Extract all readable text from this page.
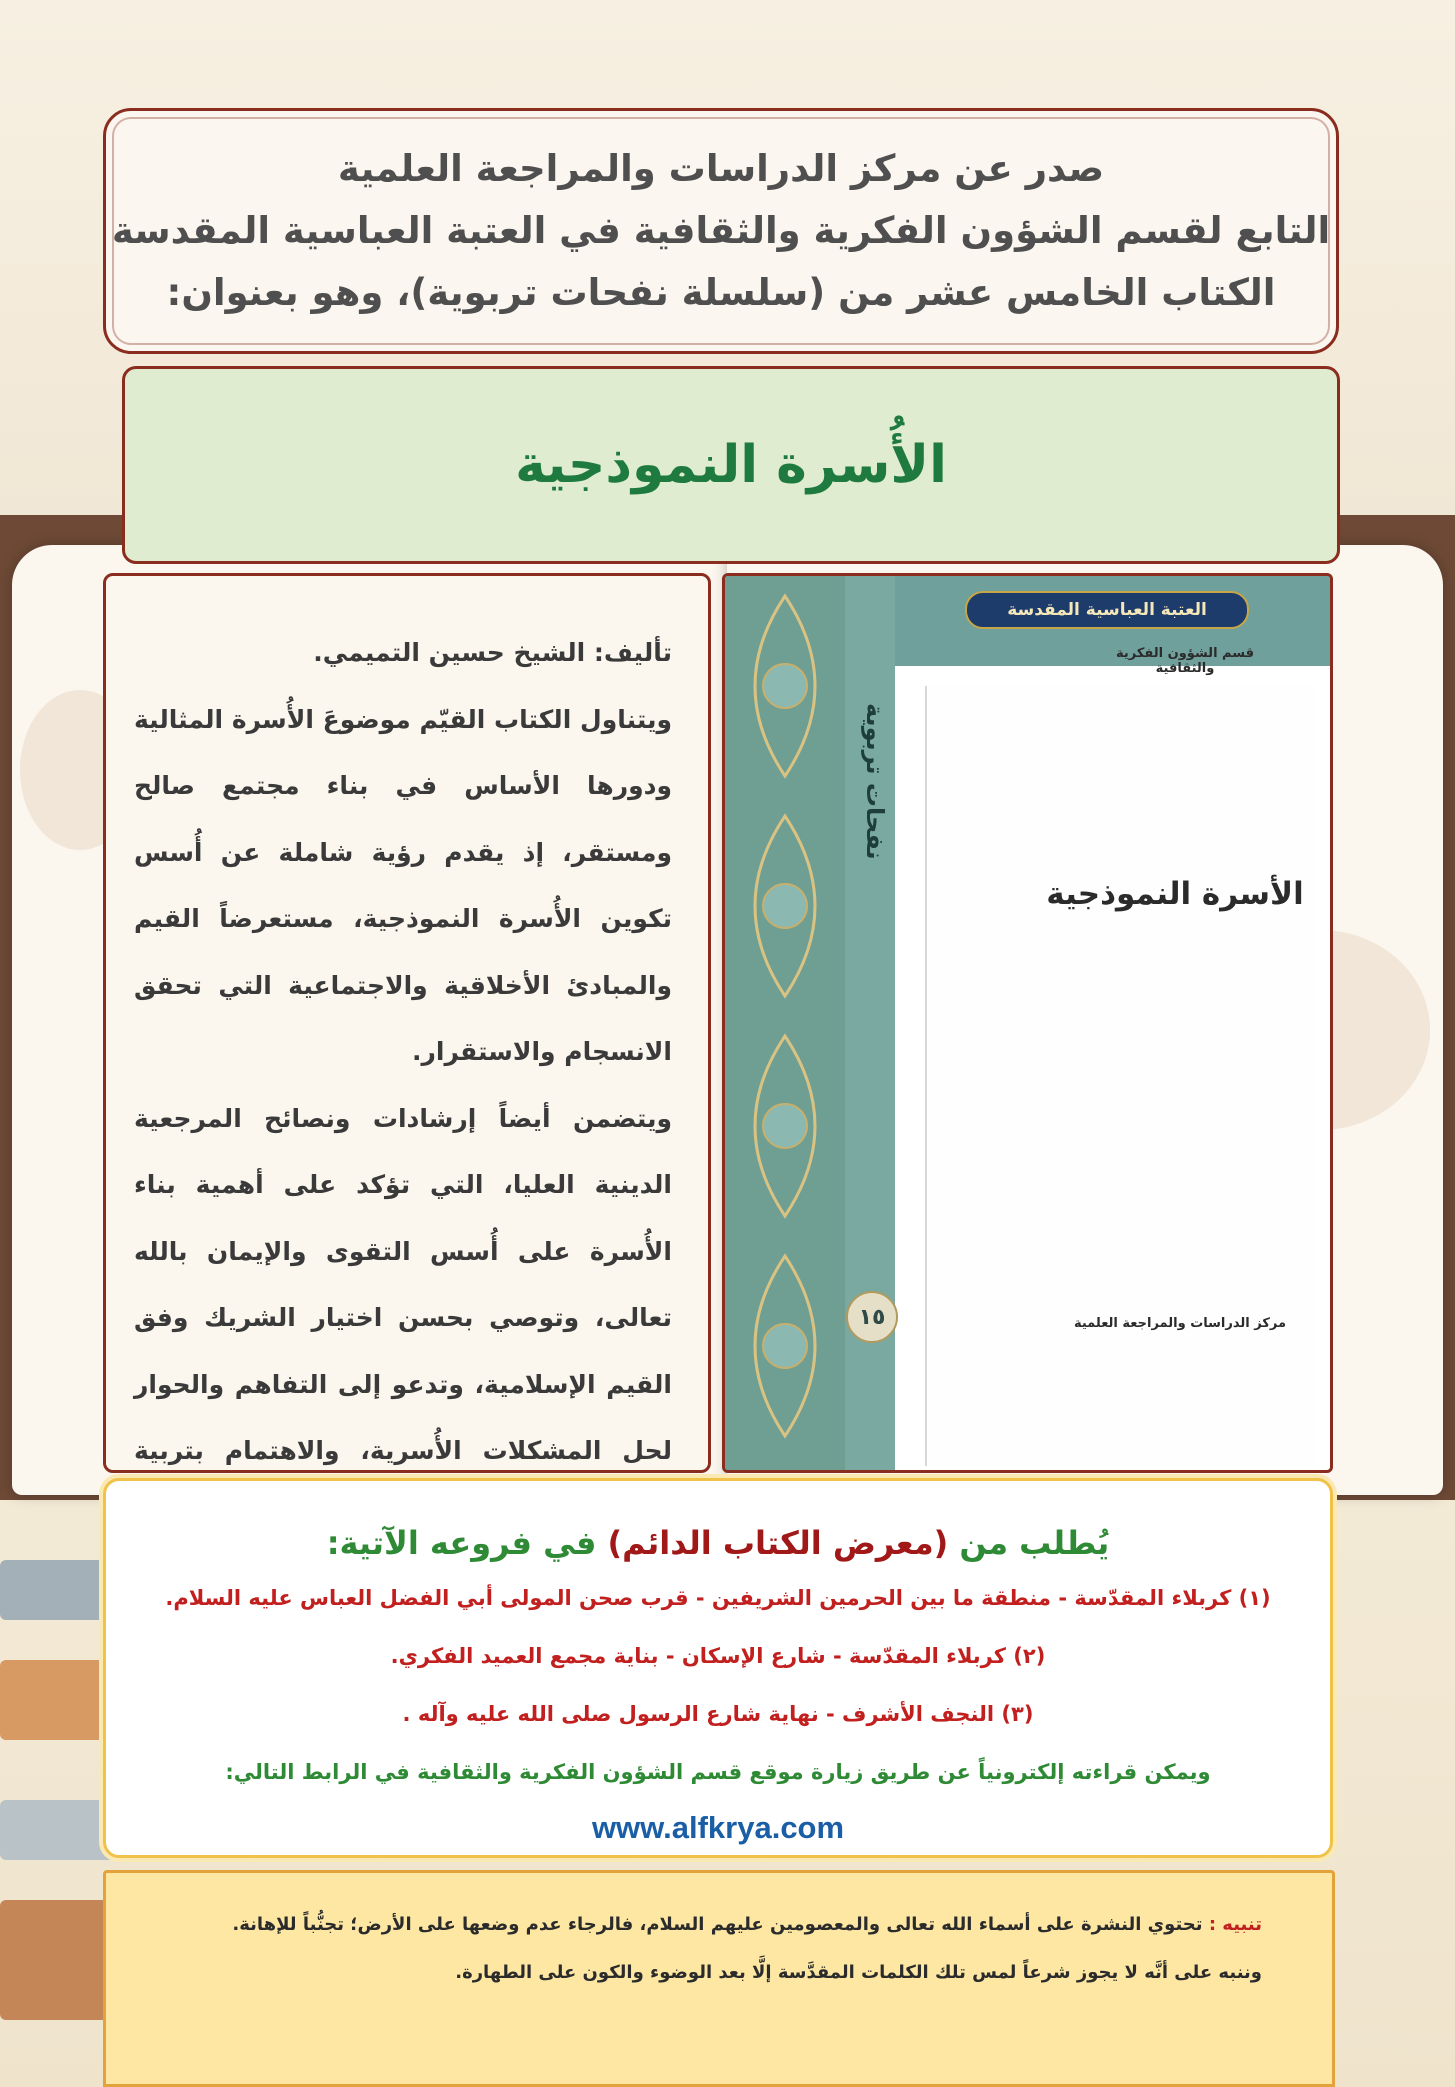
صدر عن مركز الدراسات والمراجعة العلمية
التابع لقسم الشؤون الفكرية والثقافية في العتبة العباسية المقدسة
الكتاب الخامس عشر من (سلسلة نفحات تربوية)، وهو بعنوان:
الأُسرة النموذجية

تأليف: الشيخ حسين التميمي.

ويتناول الكتاب القيّم موضوعَ الأُسرة المثالية ودورها الأساس في بناء مجتمع صالح ومستقر، إذ يقدم رؤية شاملة عن أُسس تكوين الأُسرة النموذجية، مستعرضاً القيم والمبادئ الأخلاقية والاجتماعية التي تحقق الانسجام والاستقرار.

ويتضمن أيضاً إرشادات ونصائح المرجعية الدينية العليا، التي تؤكد على أهمية بناء الأُسرة على أُسس التقوى والإيمان بالله تعالى، وتوصي بحسن اختيار الشريك وفق القيم الإسلامية، وتدعو إلى التفاهم والحوار لحل المشكلات الأُسرية، والاهتمام بتربية

نفحات تربوية
١٥
العتبة العباسية المقدسة
قسم الشؤون الفكرية والثقافية
الأسرة النموذجية
مركز الدراسات والمراجعة العلمية
يُطلب من (معرض الكتاب الدائم) في فروعه الآتية:
(١) كربلاء المقدّسة - منطقة ما بين الحرمين الشريفين - قرب صحن المولى أبي الفضل العباس عليه السلام.
(٢) كربلاء المقدّسة - شارع الإسكان - بناية مجمع العميد الفكري.
(٣) النجف الأشرف - نهاية شارع الرسول صلى الله عليه وآله .
ويمكن قراءته إلكترونياً عن طريق زيارة موقع قسم الشؤون الفكرية والثقافية في الرابط التالي:
www.alfkrya.com
تنبيه : تحتوي النشرة على أسماء الله تعالى والمعصومين عليهم السلام، فالرجاء عدم وضعها على الأرض؛ تجنُّباً للإهانة.
وننبه على أنَّه لا يجوز شرعاً لمس تلك الكلمات المقدَّسة إلَّا بعد الوضوء والكون على الطهارة.
